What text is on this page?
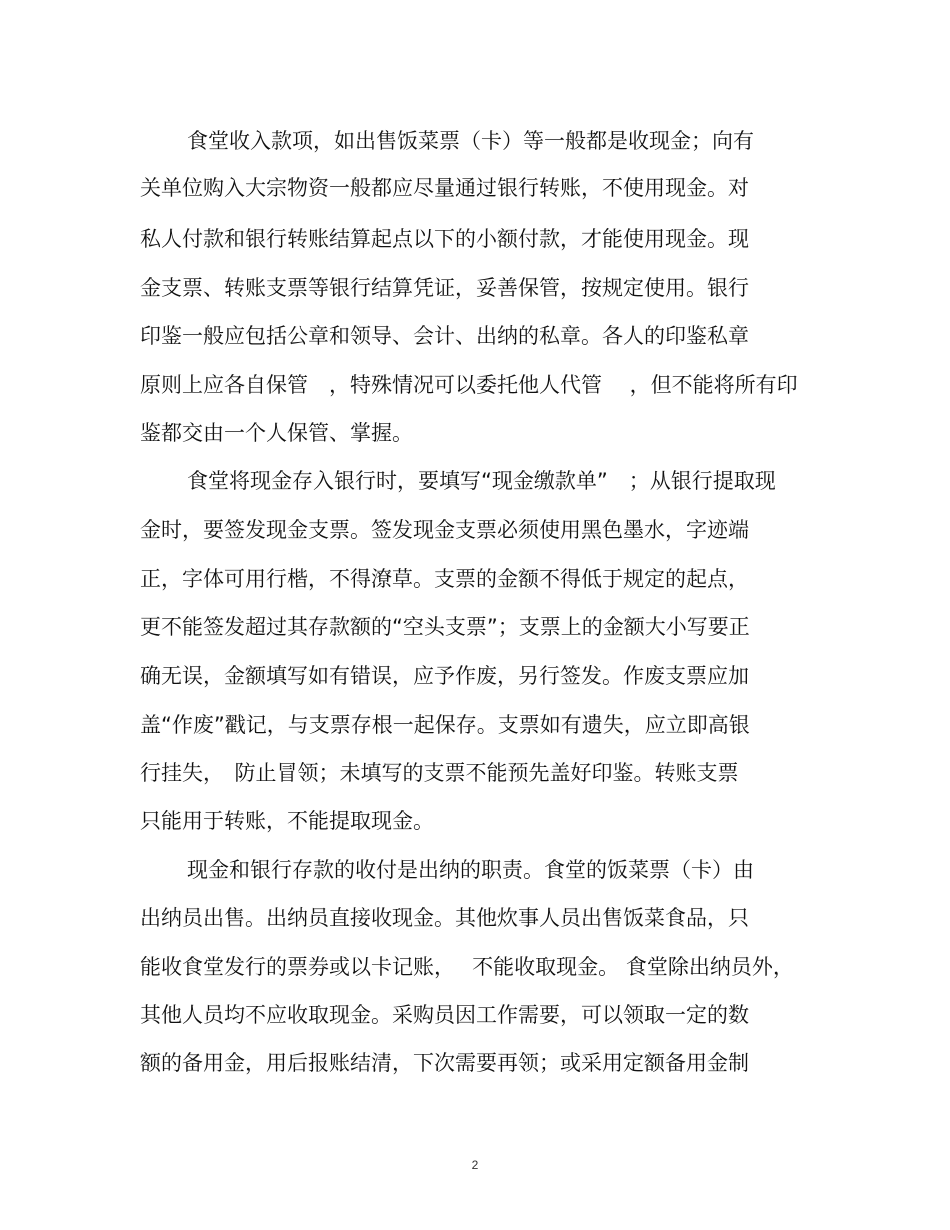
食堂收入款项，如出售饭菜票（卡）等一般都是收现金；向有
关单位购入大宗物资一般都应尽量通过银行转账，不使用现金。对
私人付款和银行转账结算起点以下的小额付款，才能使用现金。现
金支票、转账支票等银行结算凭证，妥善保管，按规定使用。银行
印鉴一般应包括公章和领导、会计、出纳的私章。各人的印鉴私章
原则上应各自保管　，特殊情况可以委托他人代管　 ，但不能将所有印
鉴都交由一个人保管、掌握。
食堂将现金存入银行时，要填写“现金缴款单”　；从银行提取现
金时，要签发现金支票。签发现金支票必须使用黑色墨水，字迹端
正，字体可用行楷，不得潦草。支票的金额不得低于规定的起点，
更不能签发超过其存款额的“空头支票”；支票上的金额大小写要正
确无误，金额填写如有错误，应予作废，另行签发。作废支票应加
盖“作废”戳记，与支票存根一起保存。支票如有遗失，应立即高银
行挂失，　防止冒领；未填写的支票不能预先盖好印鉴。转账支票
只能用于转账，不能提取现金。
现金和银行存款的收付是出纳的职责。食堂的饭菜票（卡）由
出纳员出售。出纳员直接收现金。其他炊事人员出售饭菜食品，只
能收食堂发行的票券或以卡记账，　 不能收取现金。 食堂除出纳员外，
其他人员均不应收取现金。采购员因工作需要，可以领取一定的数
额的备用金，用后报账结清，下次需要再领；或采用定额备用金制
2
